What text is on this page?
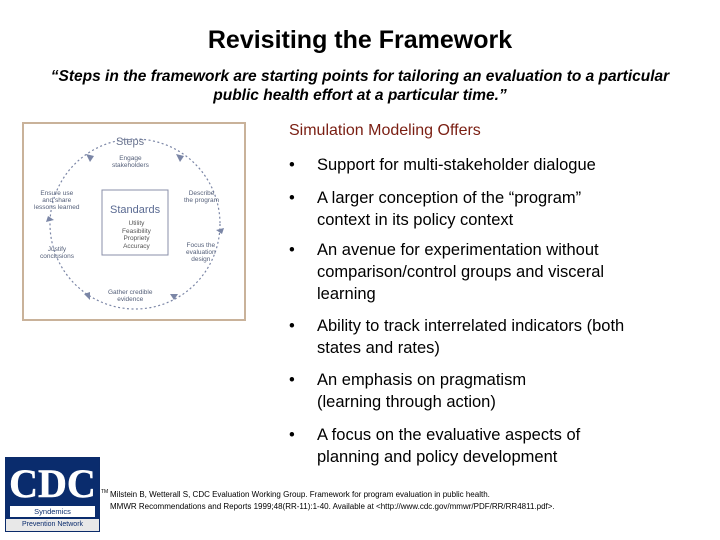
Revisiting the Framework
“Steps in the framework are starting points for tailoring an evaluation to a particular
public health effort at a particular time.”
Steps
Engage
stakeholders
Describe
the program
Focus the
evaluation
design
Gather credible
evidence
Justify
conclusions
Ensure use
and share
lessons learned	Standards
Utility
Feasibility
Propriety
Accuracy
Simulation Modeling Offers
•	Support for multi-stakeholder dialogue
•	A larger conception of the “program”
context in its policy context
•	An avenue for experimentation without
comparison/control groups and visceral
learning
•	Ability to track interrelated indicators (both
states and rates)
•	An emphasis on pragmatism
(learning through action)
•	A focus on the evaluative aspects of
planning and policy development
CDC
Syndemics
Prevention Network
TM Milstein B, Wetterall S, CDC Evaluation Working Group. Framework for program evaluation in public health.
MMWR Recommendations and Reports 1999;48(RR-11):1-40. Available at <http://www.cdc.gov/mmwr/PDF/RR/RR4811.pdf>.
